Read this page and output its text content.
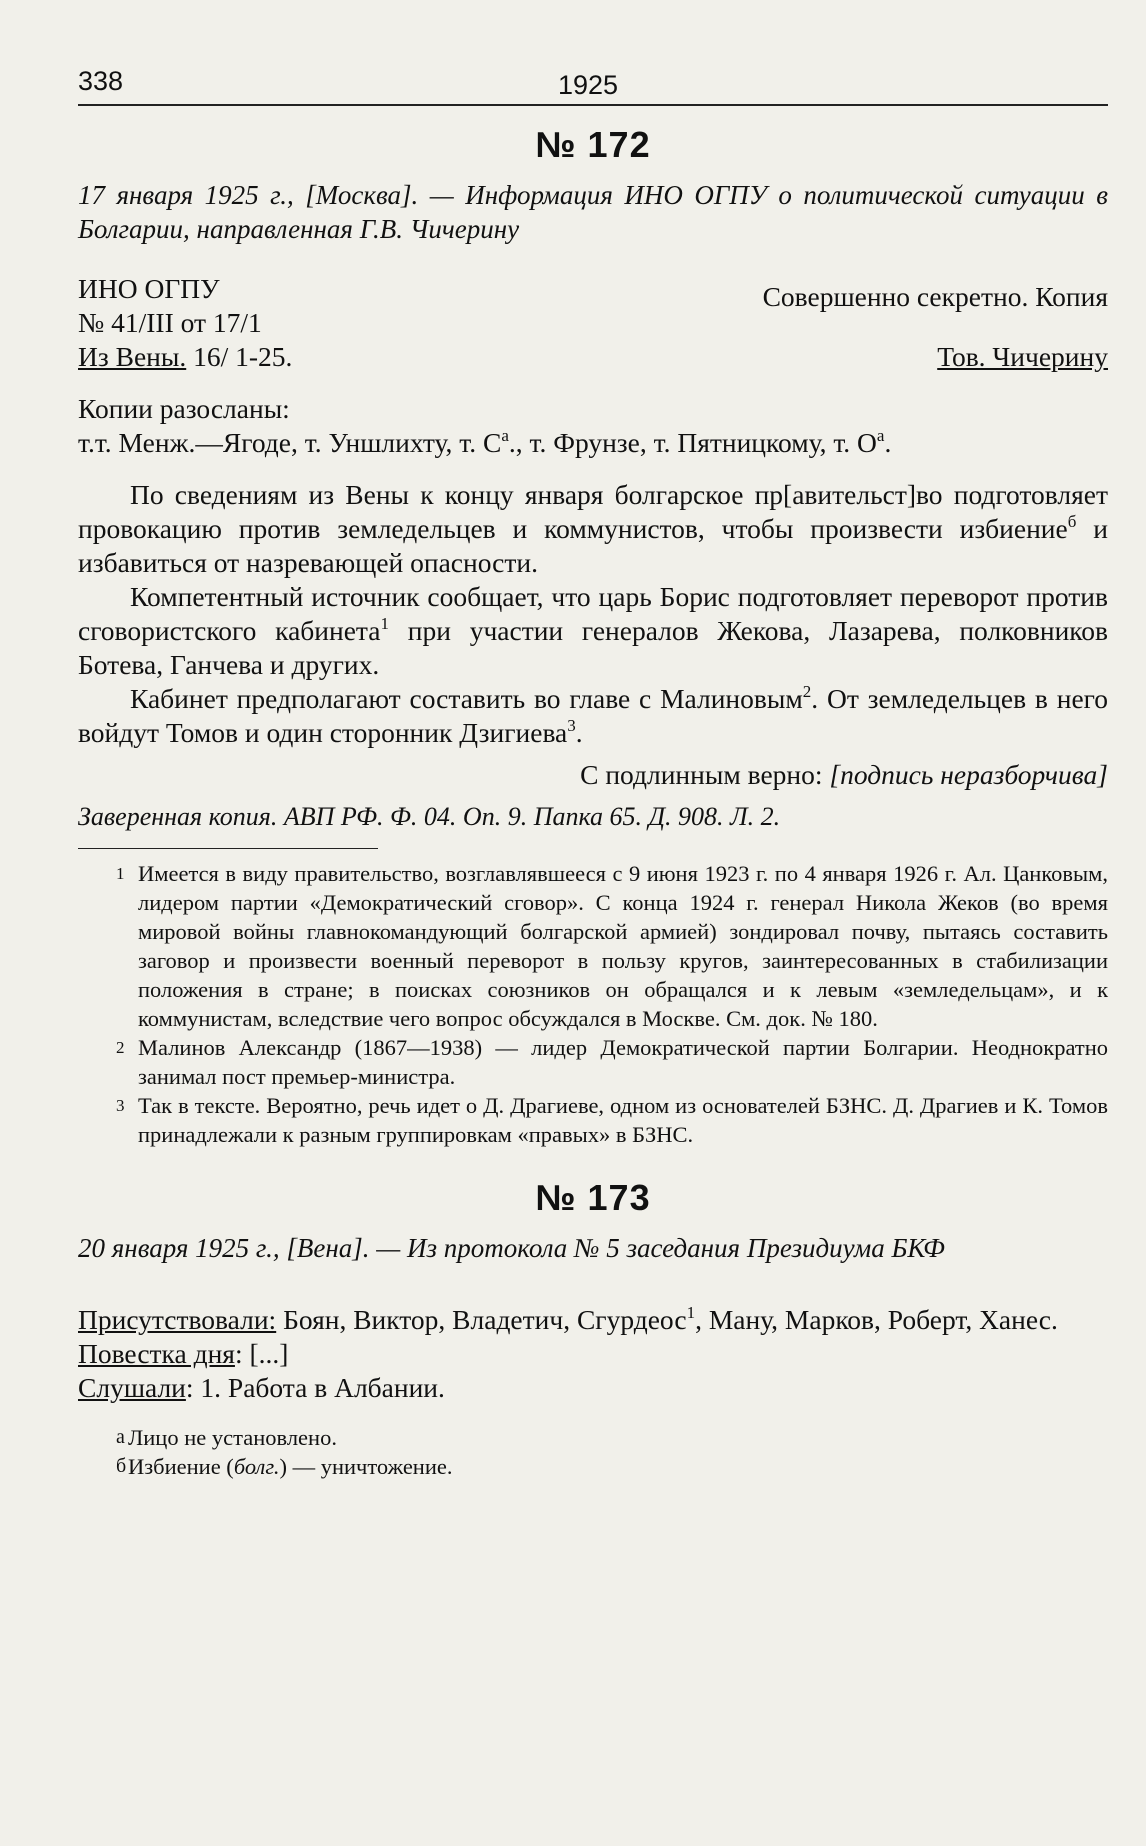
338	1925
№ 172
17 января 1925 г., [Москва]. — Информация ИНО ОГПУ о политической ситуации в Болгарии, направленная Г.В. Чичерину
ИНО ОГПУ
№ 41/III от 17/1
Из Вены. 16/ 1-25.
Совершенно секретно. Копия
Тов. Чичерину

Копии разосланы:

т.т. Менж.—Ягоде, т. Уншлихту, т. $С^а$., т. Фрунзе, т. Пятницкому, т. $О^а$.

По сведениям из Вены к концу января болгарское пр[авительст]во подготовляет провокацию против земледельцев и коммунистов, чтобы произвести избиение$^б$ и избавиться от назревающей опасности.

Компетентный источник сообщает, что царь Борис подготовляет переворот против сговористского кабинета$^1$ при участии генералов Жекова, Лазарева, полковников Ботева, Ганчева и других.

Кабинет предполагают составить во главе с Малиновым$^2$. От земледельцев в него войдут Томов и один сторонник Дзигиева$^3$.

С подлинным верно: [подпись неразборчива]

Заверенная копия. АВП РФ. Ф. 04. Оп. 9. Папка 65. Д. 908. Л. 2.
1 Имеется в виду правительство, возглавлявшееся с 9 июня 1923 г. по 4 января 1926 г. Ал. Цанковым, лидером партии «Демократический сговор». С конца 1924 г. генерал Никола Жеков (во время мировой войны главнокомандующий болгарской армией) зондировал почву, пытаясь составить заговор и произвести военный переворот в пользу кругов, заинтересованных в стабилизации положения в стране; в поисках союзников он обращался и к левым «земледельцам», и к коммунистам, вследствие чего вопрос обсуждался в Москве. См. док. № 180.
2 Малинов Александр (1867—1938) — лидер Демократической партии Болгарии. Неоднократно занимал пост премьер-министра.
3 Так в тексте. Вероятно, речь идет о Д. Драгиеве, одном из основателей БЗНС. Д. Драгиев и К. Томов принадлежали к разным группировкам «правых» в БЗНС.
№ 173
20 января 1925 г., [Вена]. — Из протокола № 5 заседания Президиума БКФ

Присутствовали: Боян, Виктор, Владетич, Сгурдеос$^1$, Ману, Марков, Роберт, Ханес.

Повестка дня: [...]

Слушали: 1. Работа в Албании.

а Лицо не установлено.
б Избиение (болг.) — уничтожение.
